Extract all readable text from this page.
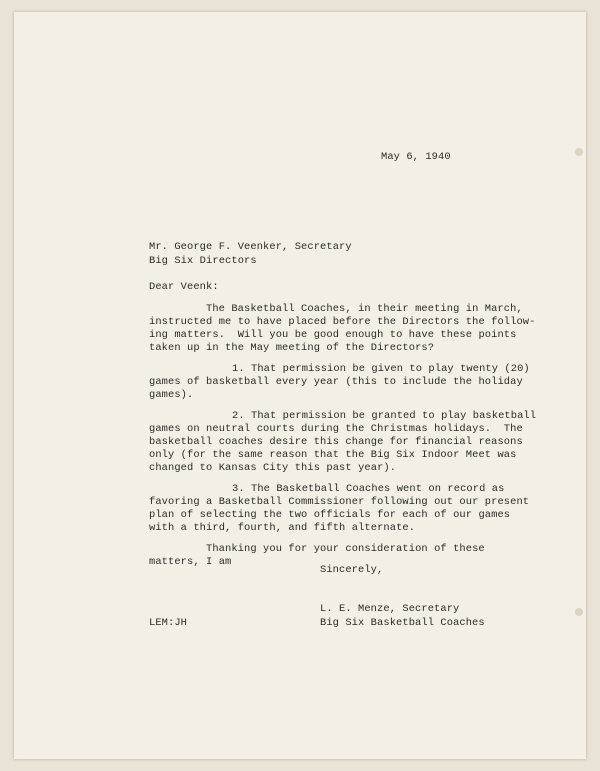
May 6, 1940
Mr. George F. Veenker, Secretary
Big Six Directors
Dear Veenk:
The Basketball Coaches, in their meeting in March,
instructed me to have placed before the Directors the follow-
ing matters.  Will you be good enough to have these points
taken up in the May meeting of the Directors?
1. That permission be given to play twenty (20)
games of basketball every year (this to include the holiday
games).
2. That permission be granted to play basketball
games on neutral courts during the Christmas holidays.  The
basketball coaches desire this change for financial reasons
only (for the same reason that the Big Six Indoor Meet was
changed to Kansas City this past year).
3. The Basketball Coaches went on record as
favoring a Basketball Commissioner following out our present
plan of selecting the two officials for each of our games
with a third, fourth, and fifth alternate.
Thanking you for your consideration of these
matters, I am
Sincerely,
L. E. Menze, Secretary
Big Six Basketball Coaches
LEM:JH
